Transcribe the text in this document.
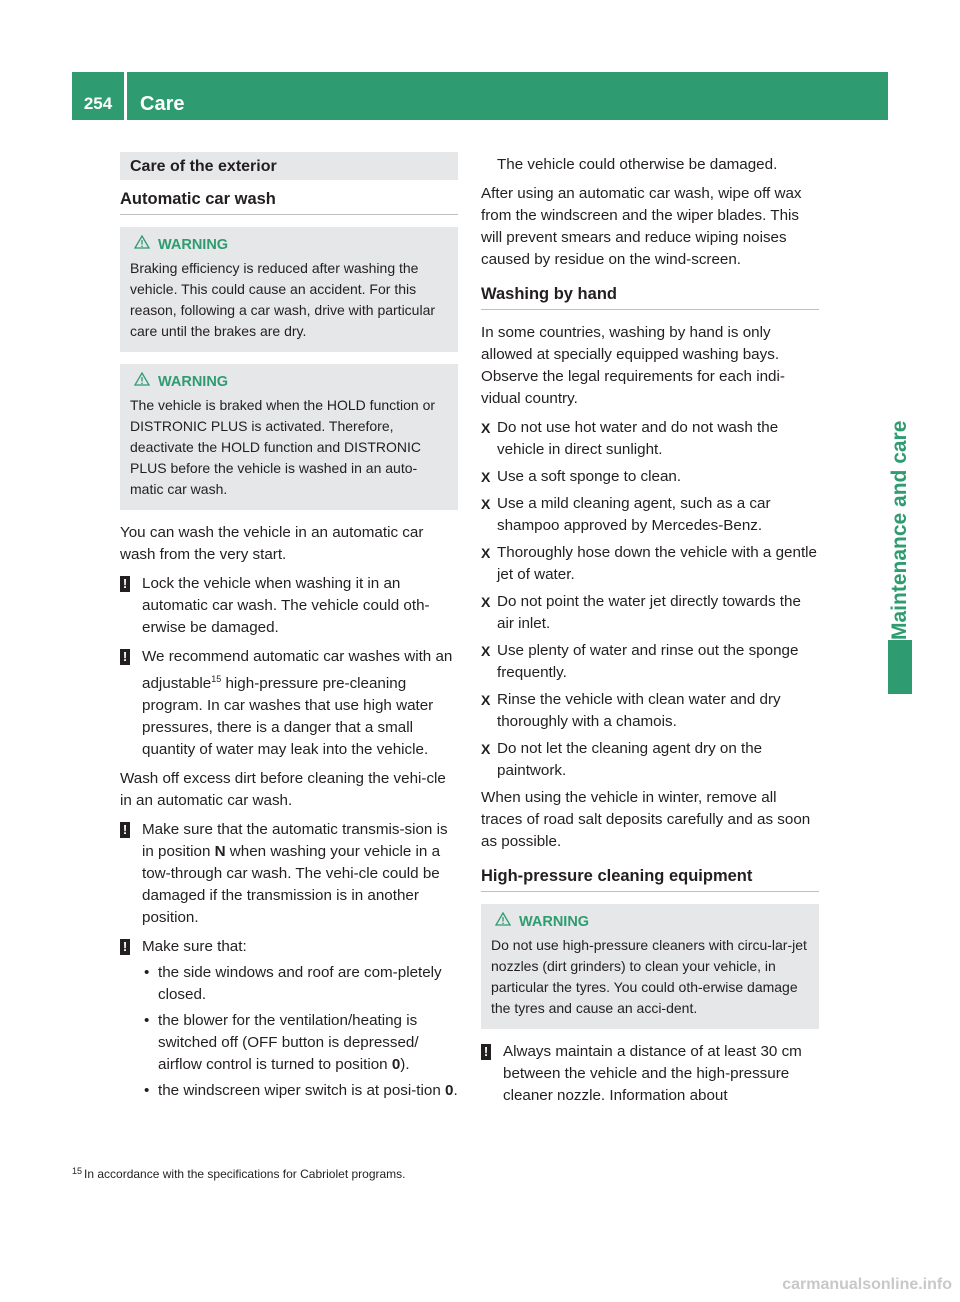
254	Care
Maintenance and care
Care of the exterior
Automatic car wash
WARNING
Braking efficiency is reduced after washing the vehicle. This could cause an accident. For this reason, following a car wash, drive with particular care until the brakes are dry.
WARNING
The vehicle is braked when the HOLD function or DISTRONIC PLUS is activated. Therefore, deactivate the HOLD function and DISTRONIC PLUS before the vehicle is washed in an auto-matic car wash.

You can wash the vehicle in an automatic car wash from the very start.

! Lock the vehicle when washing it in an automatic car wash. The vehicle could oth-erwise be damaged.
! We recommend automatic car washes with an adjustable$^{15}$ high-pressure pre-cleaning program. In car washes that use high water pressures, there is a danger that a small quantity of water may leak into the vehicle.

Wash off excess dirt before cleaning the vehi-cle in an automatic car wash.

! Make sure that the automatic transmis-sion is in position N when washing your vehicle in a tow-through car wash. The vehi-cle could be damaged if the transmission is in another position.
! Make sure that:
• the side windows and roof are com-pletely closed.
• the blower for the ventilation/heating is switched off (OFF button is depressed/ airflow control is turned to position 0).
• the windscreen wiper switch is at posi-tion 0.

The vehicle could otherwise be damaged.

After using an automatic car wash, wipe off wax from the windscreen and the wiper blades. This will prevent smears and reduce wiping noises caused by residue on the wind-screen.

Washing by hand

In some countries, washing by hand is only allowed at specially equipped washing bays. Observe the legal requirements for each indi-vidual country.

X Do not use hot water and do not wash the vehicle in direct sunlight.
X Use a soft sponge to clean.
X Use a mild cleaning agent, such as a car shampoo approved by Mercedes-Benz.
X Thoroughly hose down the vehicle with a gentle jet of water.
X Do not point the water jet directly towards the air inlet.
X Use plenty of water and rinse out the sponge frequently.
X Rinse the vehicle with clean water and dry thoroughly with a chamois.
X Do not let the cleaning agent dry on the paintwork.

When using the vehicle in winter, remove all traces of road salt deposits carefully and as soon as possible.

High-pressure cleaning equipment
WARNING
Do not use high-pressure cleaners with circu-lar-jet nozzles (dirt grinders) to clean your vehicle, in particular the tyres. You could oth-erwise damage the tyres and cause an acci-dent.
! Always maintain a distance of at least 30 cm between the vehicle and the high-pressure cleaner nozzle. Information about
$^{15}$ In accordance with the specifications for Cabriolet programs.
carmanualsonline.info
